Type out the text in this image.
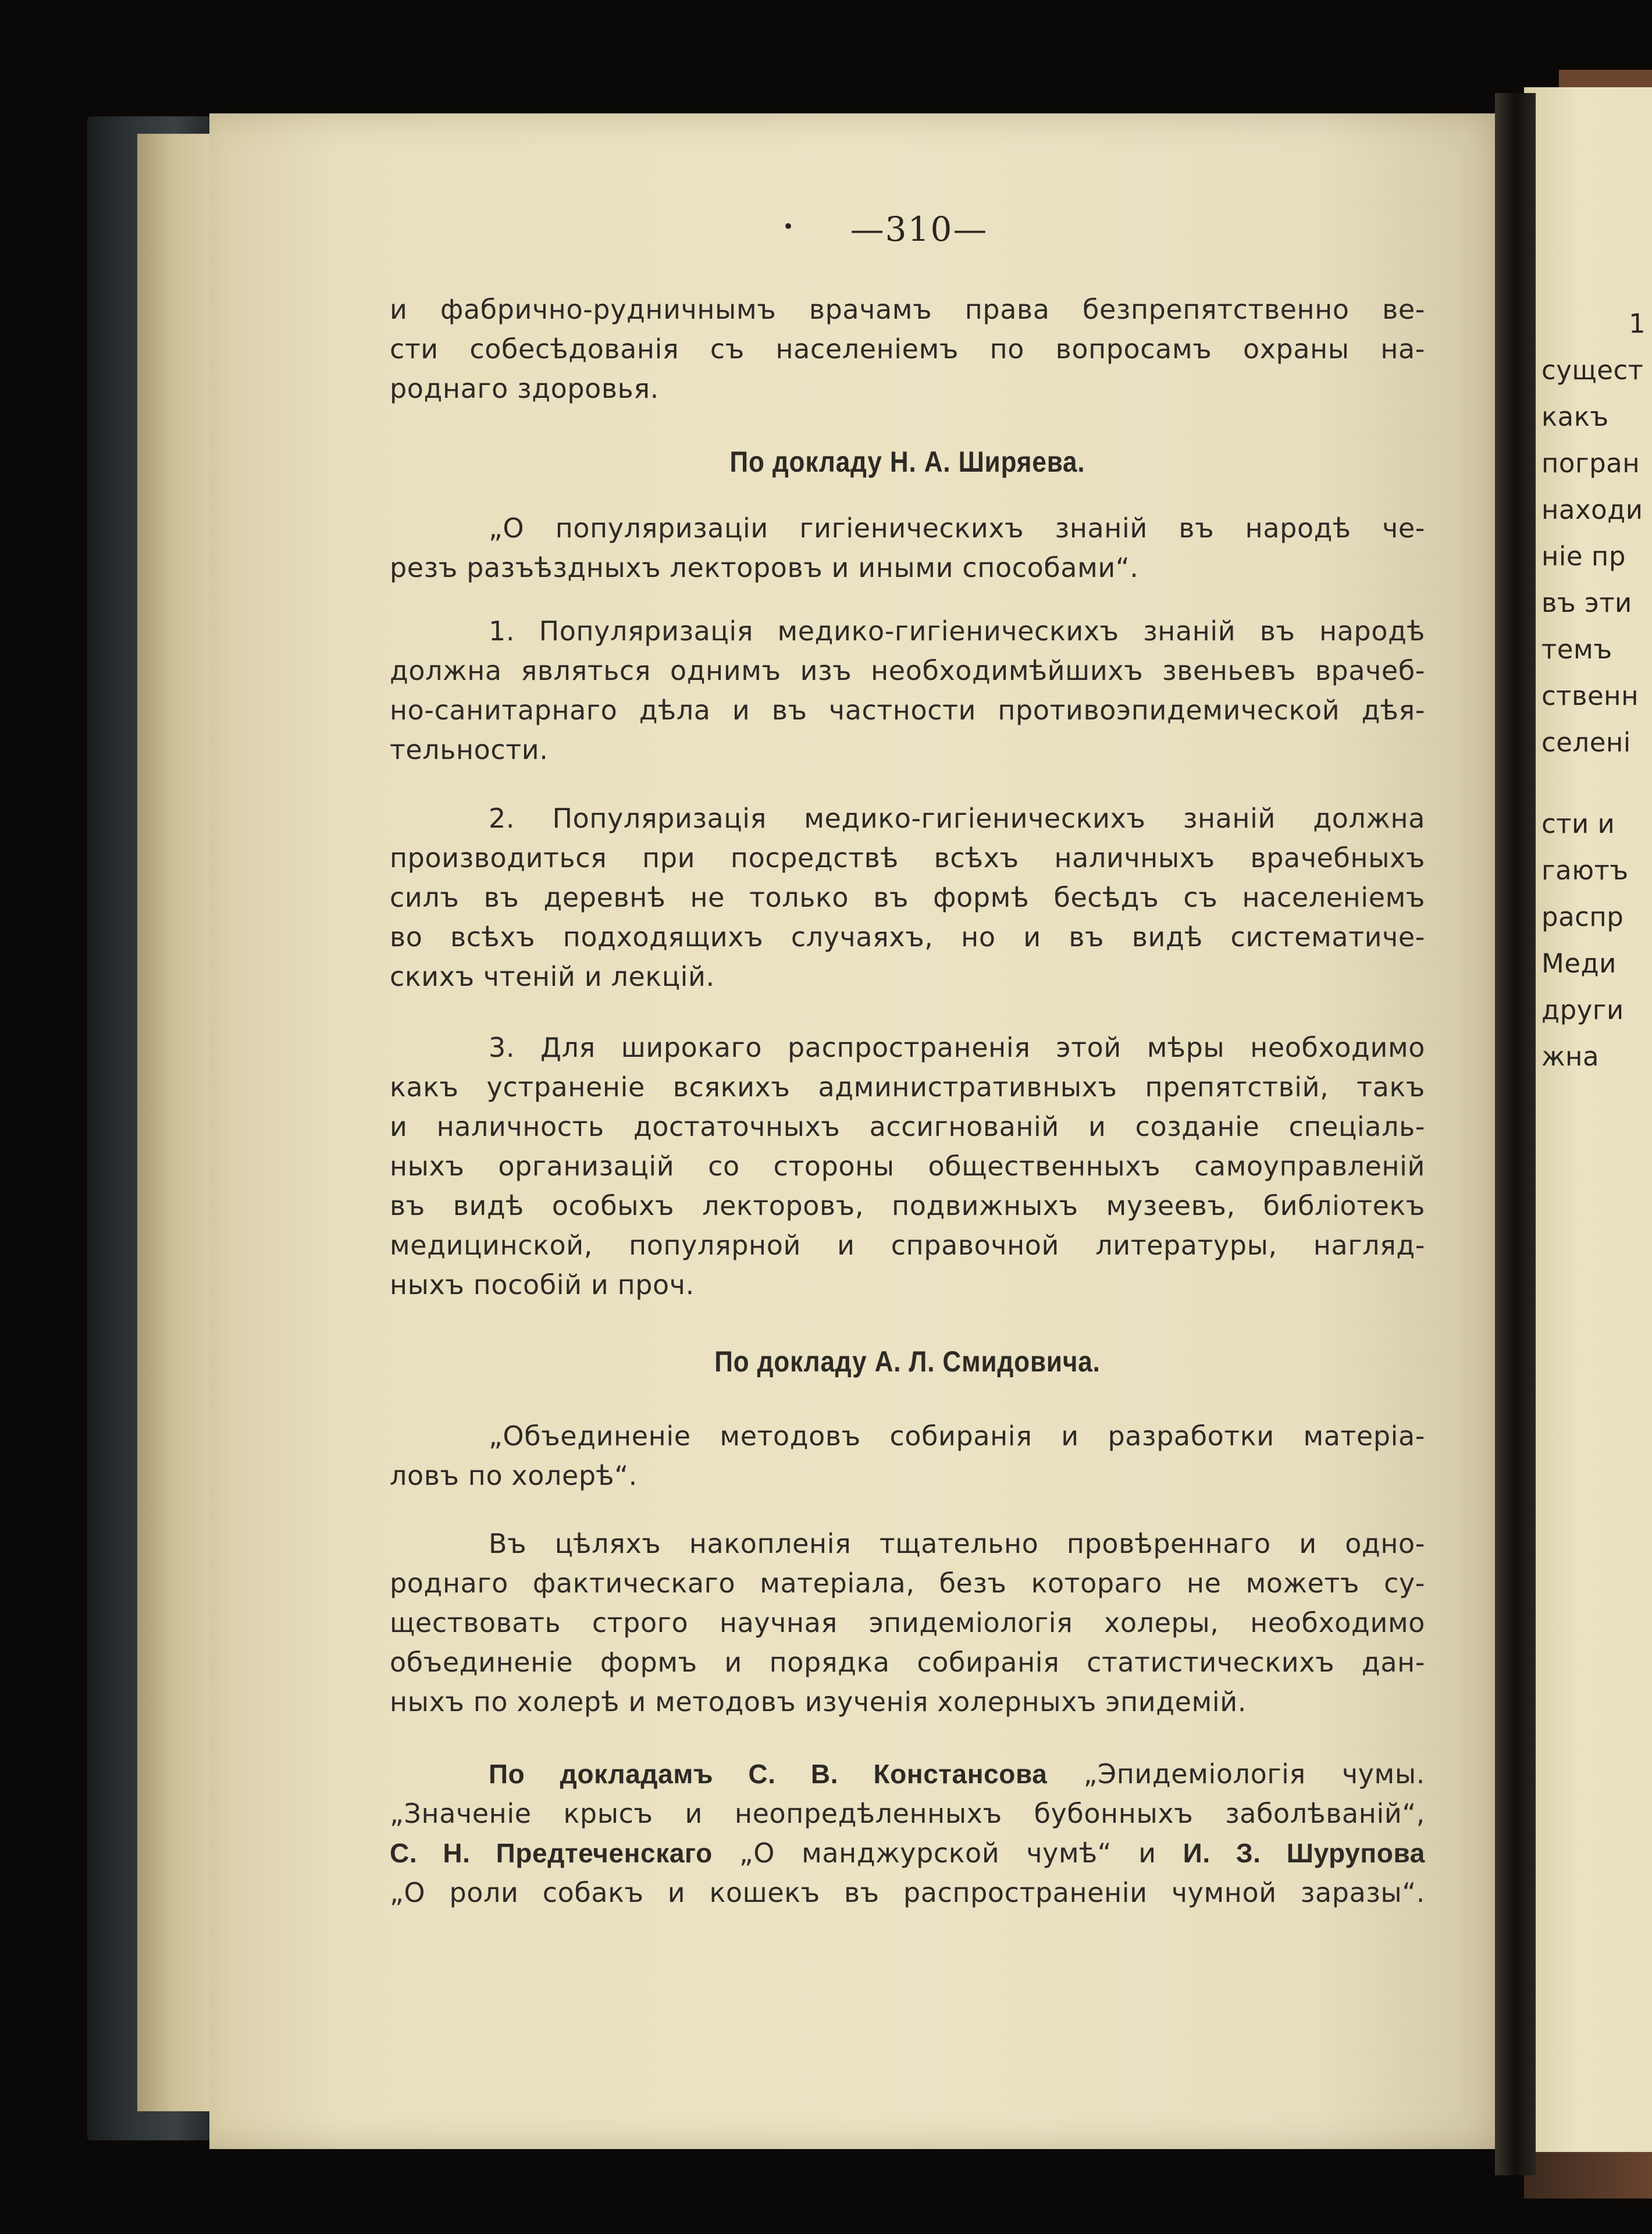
1
сущест
какъ
погран
находи
ніе пр
въ эти
темъ
ственн
селені
сти и
гаютъ
распр
Меди
други
жна
•	—310—
и фабрично-рудничнымъ врачамъ права безпрепятственно ве-
сти собесѣдованія съ населеніемъ по вопросамъ охраны на-
роднаго здоровья.
По докладу Н. А. Ширяева.
„О популяризаціи гигіеническихъ знаній въ народѣ че-
резъ разъѣздныхъ лекторовъ и иными способами“.
1. Популяризація медико-гигіеническихъ знаній въ народѣ
должна являться однимъ изъ необходимѣйшихъ звеньевъ врачеб-
но-санитарнаго дѣла и въ частности противоэпидемической дѣя-
тельности.
2. Популяризація медико-гигіеническихъ знаній должна
производиться при посредствѣ всѣхъ наличныхъ врачебныхъ
силъ въ деревнѣ не только въ формѣ бесѣдъ съ населеніемъ
во всѣхъ подходящихъ случаяхъ, но и въ видѣ систематиче-
скихъ чтеній и лекцій.
3. Для широкаго распространенія этой мѣры необходимо
какъ устраненіе всякихъ административныхъ препятствій, такъ
и наличность достаточныхъ ассигнованій и созданіе спеціаль-
ныхъ организацій со стороны общественныхъ самоуправленій
въ видѣ особыхъ лекторовъ, подвижныхъ музеевъ, библіотекъ
медицинской, популярной и справочной литературы, нагляд-
ныхъ пособій и проч.
По докладу А. Л. Смидовича.
„Объединеніе методовъ собиранія и разработки матеріа-
ловъ по холерѣ“.
Въ цѣляхъ накопленія тщательно провѣреннаго и одно-
роднаго фактическаго матеріала, безъ котораго не можетъ су-
ществовать строго научная эпидеміологія холеры, необходимо
объединеніе формъ и порядка собиранія статистическихъ дан-
ныхъ по холерѣ и методовъ изученія холерныхъ эпидемій.
По докладамъ С. В. Констансова „Эпидеміологія чумы.
„Значеніе крысъ и неопредѣленныхъ бубонныхъ заболѣваній“,
С. Н. Предтеченскаго „О манджурской чумѣ“ и И. З. Шурупова
„О роли собакъ и кошекъ въ распространеніи чумной заразы“.
